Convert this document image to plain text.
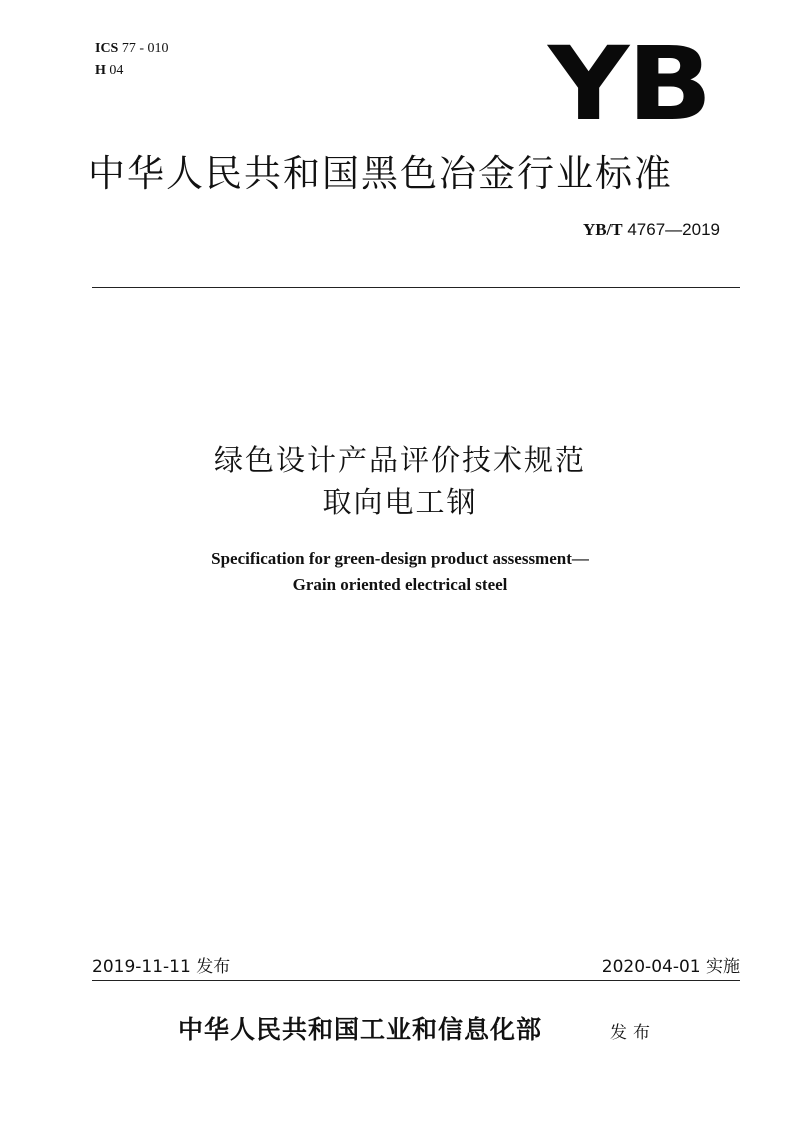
ICS 77 - 010
H 04	YB
中华人民共和国黑色冶金行业标准
YB/T 4767—2019
绿色设计产品评价技术规范
取向电工钢
Specification for green-design product assessment—
Grain oriented electrical steel
2019-11-11 发布	2020-04-01 实施
中华人民共和国工业和信息化部	发布
